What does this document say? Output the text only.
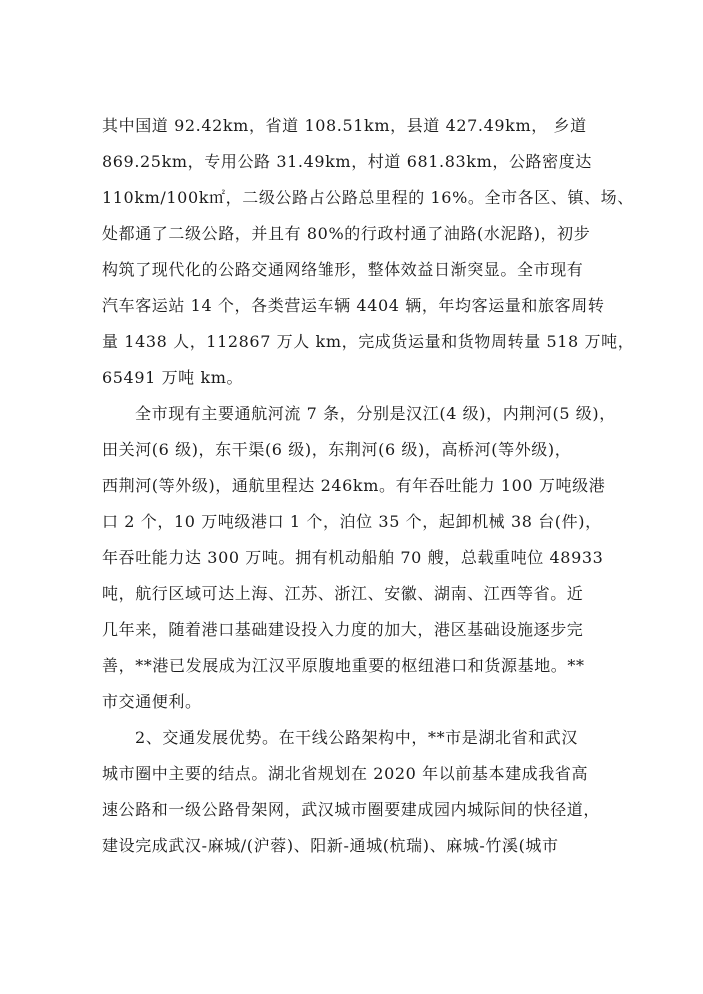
其中国道 92.42km，省道 108.51km，县道 427.49km， 乡道
869.25km，专用公路 31.49km，村道 681.83km，公路密度达
110km/100k㎡，二级公路占公路总里程的 16%。全市各区、镇、场、
处都通了二级公路，并且有 80%的行政村通了油路(水泥路)，初步
构筑了现代化的公路交通网络雏形，整体效益日渐突显。全市现有
汽车客运站 14 个，各类营运车辆 4404 辆，年均客运量和旅客周转
量 1438 人，112867 万人 km，完成货运量和货物周转量 518 万吨，
65491 万吨 km。
全市现有主要通航河流 7 条，分别是汉江(4 级)，内荆河(5 级)，
田关河(6 级)，东干渠(6 级)，东荆河(6 级)，高桥河(等外级)，
西荆河(等外级)，通航里程达 246km。有年吞吐能力 100 万吨级港
口 2 个，10 万吨级港口 1 个，泊位 35 个，起卸机械 38 台(件)，
年吞吐能力达 300 万吨。拥有机动船舶 70 艘，总载重吨位 48933
吨，航行区域可达上海、江苏、浙江、安徽、湖南、江西等省。近
几年来，随着港口基础建设投入力度的加大，港区基础设施逐步完
善，**港已发展成为江汉平原腹地重要的枢纽港口和货源基地。**
市交通便利。
2、交通发展优势。在干线公路架构中，**市是湖北省和武汉
城市圈中主要的结点。湖北省规划在 2020 年以前基本建成我省高
速公路和一级公路骨架网，武汉城市圈要建成园内城际间的快径道，
建设完成武汉-麻城/(沪蓉)、阳新-通城(杭瑞)、麻城-竹溪(城市
